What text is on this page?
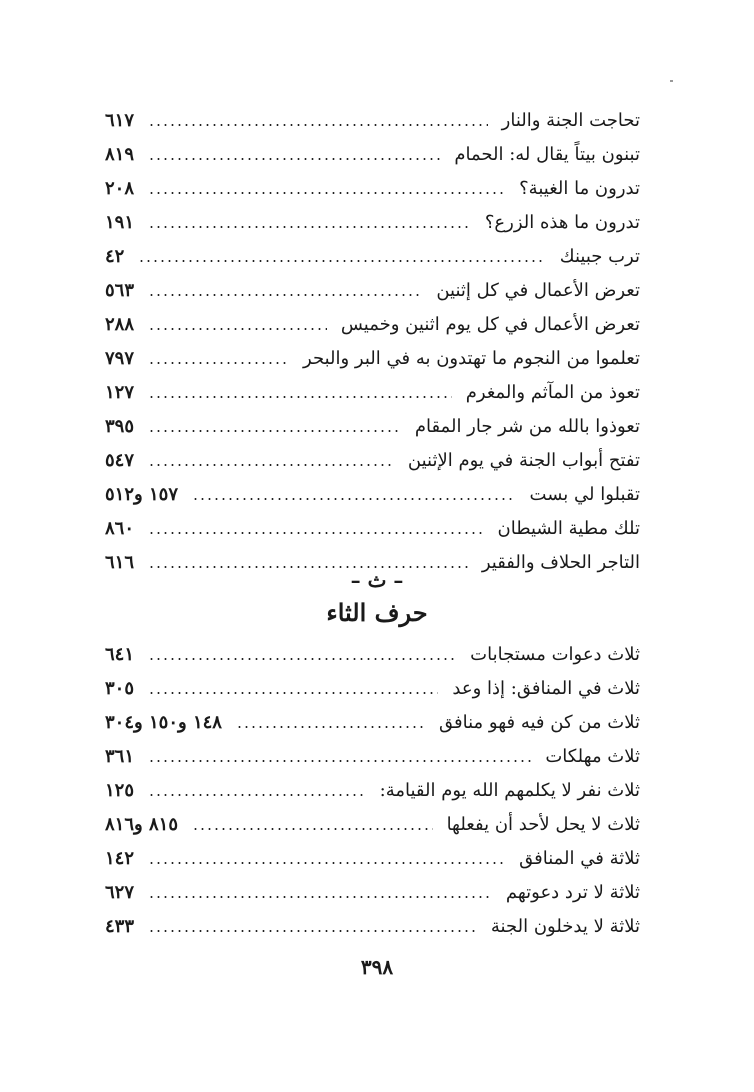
تحاجت الجنة والنار
٦١٧
تبنون بيتاً يقال له: الحمام
٨١٩
تدرون ما الغيبة؟
٢٠٨
تدرون ما هذه الزرع؟
١٩١
ترب جبينك
٤٢
تعرض الأعمال في كل إثنين
٥٦٣
تعرض الأعمال في كل يوم اثنين وخميس
٢٨٨
تعلموا من النجوم ما تهتدون به في البر والبحر
٧٩٧
تعوذ من المآثم والمغرم
١٢٧
تعوذوا بالله من شر جار المقام
٣٩٥
تفتح أبواب الجنة في يوم الإثنين
٥٤٧
تقبلوا لي بست
١٥٧ و٥١٢
تلك مطية الشيطان
٨٦٠
التاجر الحلاف والفقير
٦١٦
– ث –
حرف الثاء
ثلاث دعوات مستجابات
٦٤١
ثلاث في المنافق: إذا وعد
٣٠٥
ثلاث من كن فيه فهو منافق
١٤٨ و١٥٠ و٣٠٤
ثلاث مهلكات
٣٦١
ثلاث نفر لا يكلمهم الله يوم القيامة:
١٢٥
ثلاث لا يحل لأحد أن يفعلها
٨١٥ و٨١٦
ثلاثة في المنافق
١٤٢
ثلاثة لا ترد دعوتهم
٦٢٧
ثلاثة لا يدخلون الجنة
٤٣٣
٣٩٨
